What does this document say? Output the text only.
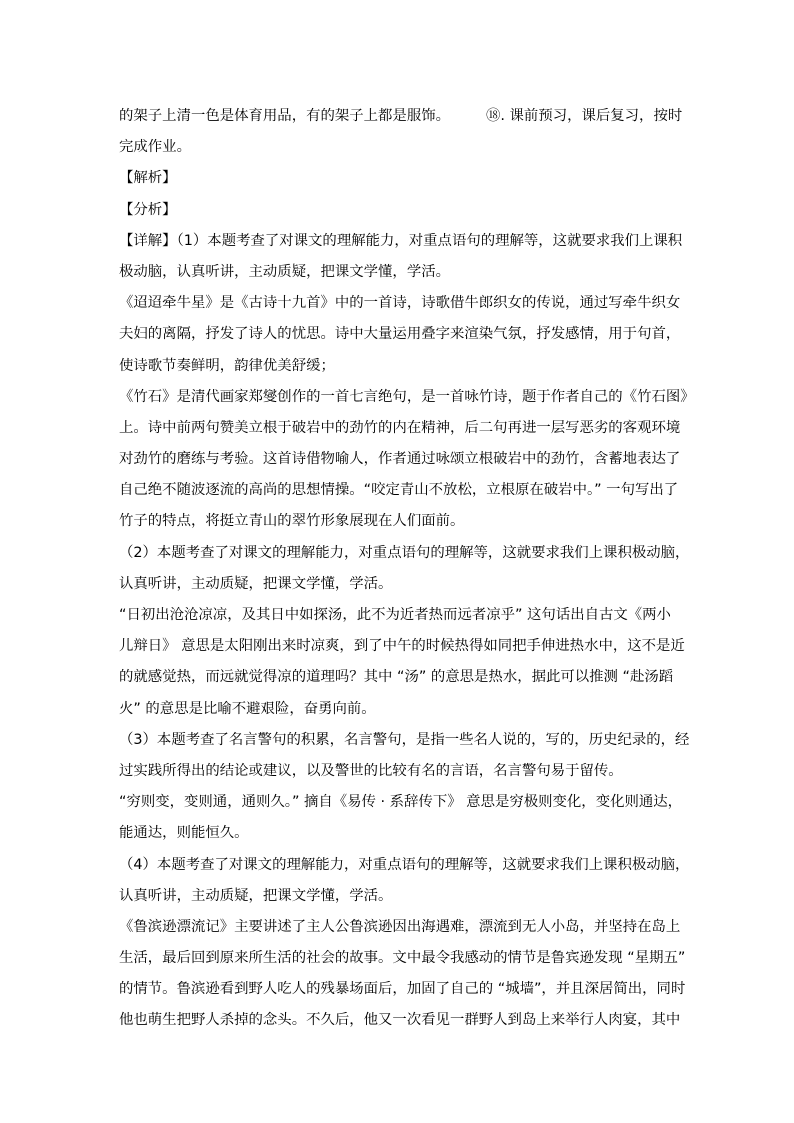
的架子上清一色是体育用品，有的架子上都是服饰。	⑱. 课前预习，课后复习，按时
完成作业。
【解析】
【分析】
【详解】（1）本题考查了对课文的理解能力，对重点语句的理解等，这就要求我们上课积
极动脑，认真听讲，主动质疑，把课文学懂，学活。
《迢迢牵牛星》是《古诗十九首》中的一首诗，诗歌借牛郎织女的传说，通过写牵牛织女
夫妇的离隔，抒发了诗人的忧思。诗中大量运用叠字来渲染气氛，抒发感情，用于句首，
使诗歌节奏鲜明，韵律优美舒缓；
《竹石》是清代画家郑燮创作的一首七言绝句，是一首咏竹诗，题于作者自己的《竹石图》
上。诗中前两句赞美立根于破岩中的劲竹的内在精神，后二句再进一层写恶劣的客观环境
对劲竹的磨练与考验。这首诗借物喻人，作者通过咏颂立根破岩中的劲竹，含蓄地表达了
自己绝不随波逐流的高尚的思想情操。“咬定青山不放松，立根原在破岩中。” 一句写出了
竹子的特点，将挺立青山的翠竹形象展现在人们面前。
（2）本题考查了对课文的理解能力，对重点语句的理解等，这就要求我们上课积极动脑，
认真听讲，主动质疑，把课文学懂，学活。
“日初出沧沧凉凉，及其日中如探汤，此不为近者热而远者凉乎” 这句话出自古文《两小
儿辩日》 意思是太阳刚出来时凉爽，到了中午的时候热得如同把手伸进热水中，这不是近
的就感觉热，而远就觉得凉的道理吗？其中 “汤” 的意思是热水，据此可以推测 “赴汤蹈
火” 的意思是比喻不避艰险，奋勇向前。
（3）本题考查了名言警句的积累，名言警句，是指一些名人说的，写的，历史纪录的，经
过实践所得出的结论或建议，以及警世的比较有名的言语，名言警句易于留传。
“穷则变，变则通，通则久。” 摘自《易传 · 系辞传下》 意思是穷极则变化，变化则通达，
能通达，则能恒久。
（4）本题考查了对课文的理解能力，对重点语句的理解等，这就要求我们上课积极动脑，
认真听讲，主动质疑，把课文学懂，学活。
《鲁滨逊漂流记》主要讲述了主人公鲁滨逊因出海遇难，漂流到无人小岛，并坚持在岛上
生活，最后回到原来所生活的社会的故事。文中最令我感动的情节是鲁宾逊发现 “星期五”
的情节。鲁滨逊看到野人吃人的残暴场面后，加固了自己的 “城墙”，并且深居简出，同时
他也萌生把野人杀掉的念头。不久后，他又一次看见一群野人到岛上来举行人肉宴，其中
